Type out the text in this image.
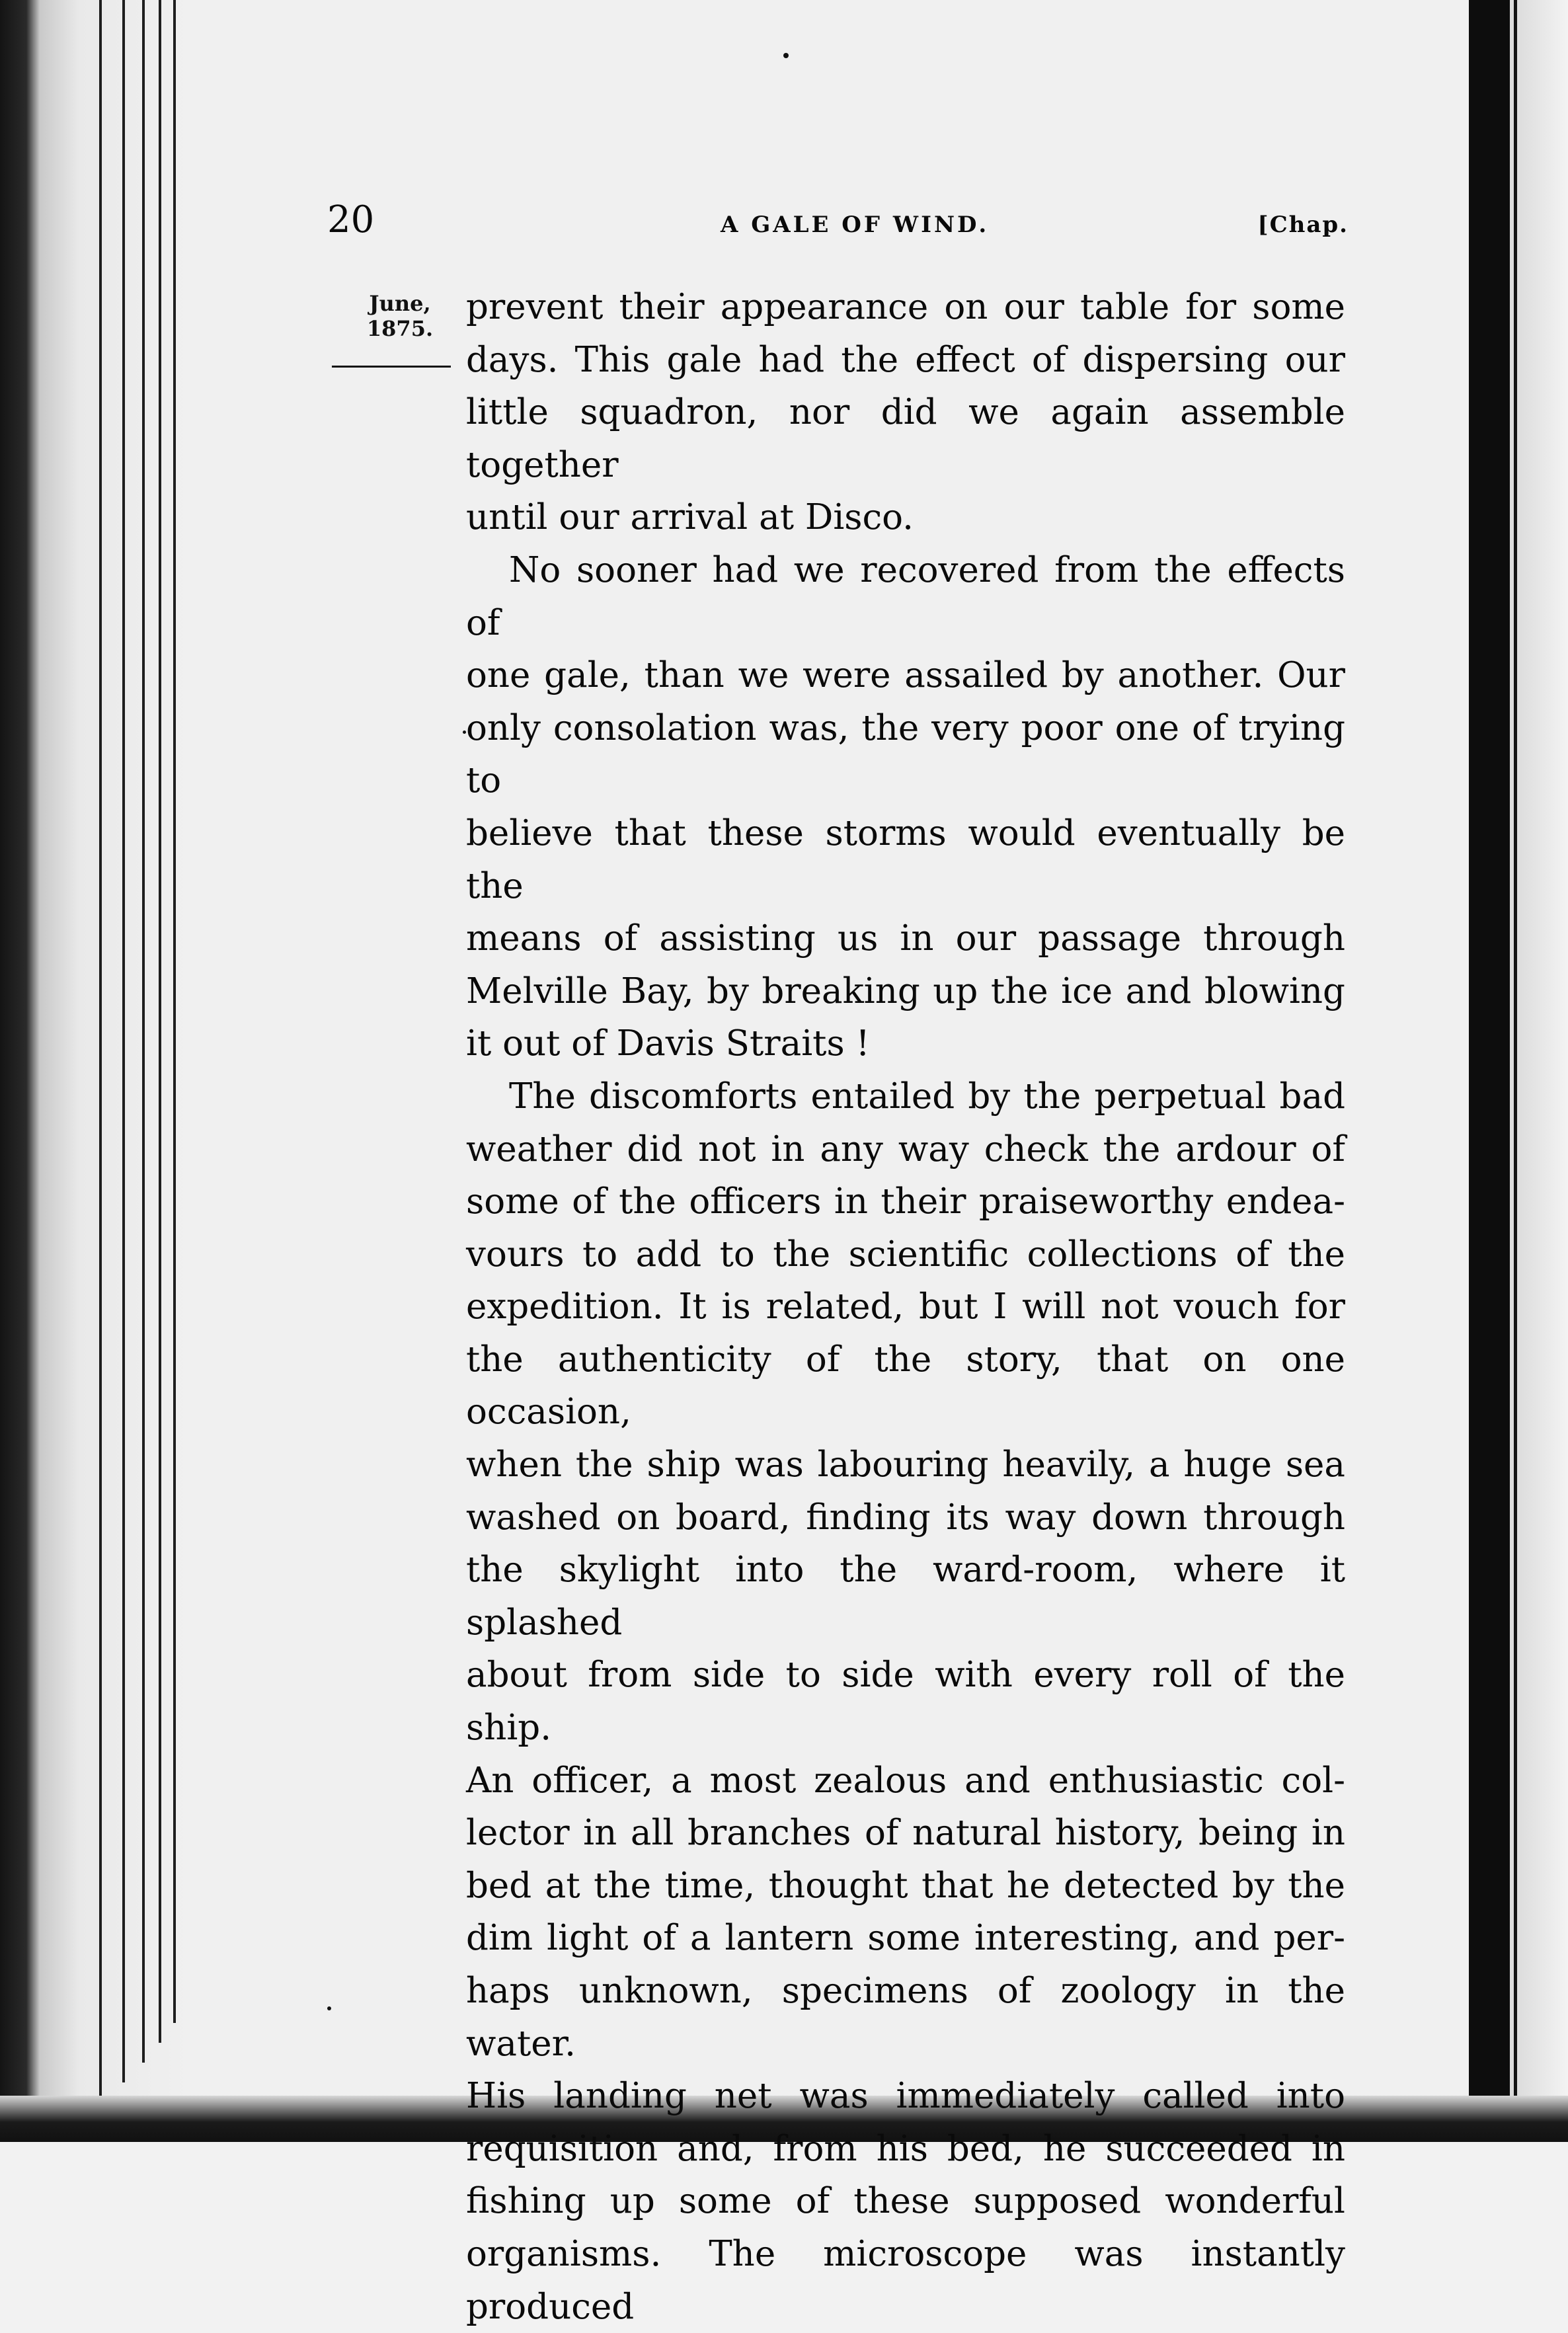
20	A GALE OF WIND.	[Chap.
June,
1875.
prevent their appearance on our table for some
days. This gale had the effect of dispersing our
little squadron, nor did we again assemble together
until our arrival at Disco.
No sooner had we recovered from the effects of
one gale, than we were assailed by another. Our
only consolation was, the very poor one of trying to
believe that these storms would eventually be the
means of assisting us in our passage through
Melville Bay, by breaking up the ice and blowing
it out of Davis Straits !
The discomforts entailed by the perpetual bad
weather did not in any way check the ardour of
some of the officers in their praiseworthy endea-
vours to add to the scientific collections of the
expedition. It is related, but I will not vouch for
the authenticity of the story, that on one occasion,
when the ship was labouring heavily, a huge sea
washed on board, finding its way down through
the skylight into the ward-room, where it splashed
about from side to side with every roll of the ship.
An officer, a most zealous and enthusiastic col-
lector in all branches of natural history, being in
bed at the time, thought that he detected by the
dim light of a lantern some interesting, and per-
haps unknown, specimens of zoology in the water.
His landing net was immediately called into
requisition and, from his bed, he succeeded in
fishing up some of these supposed wonderful
organisms. The microscope was instantly produced
